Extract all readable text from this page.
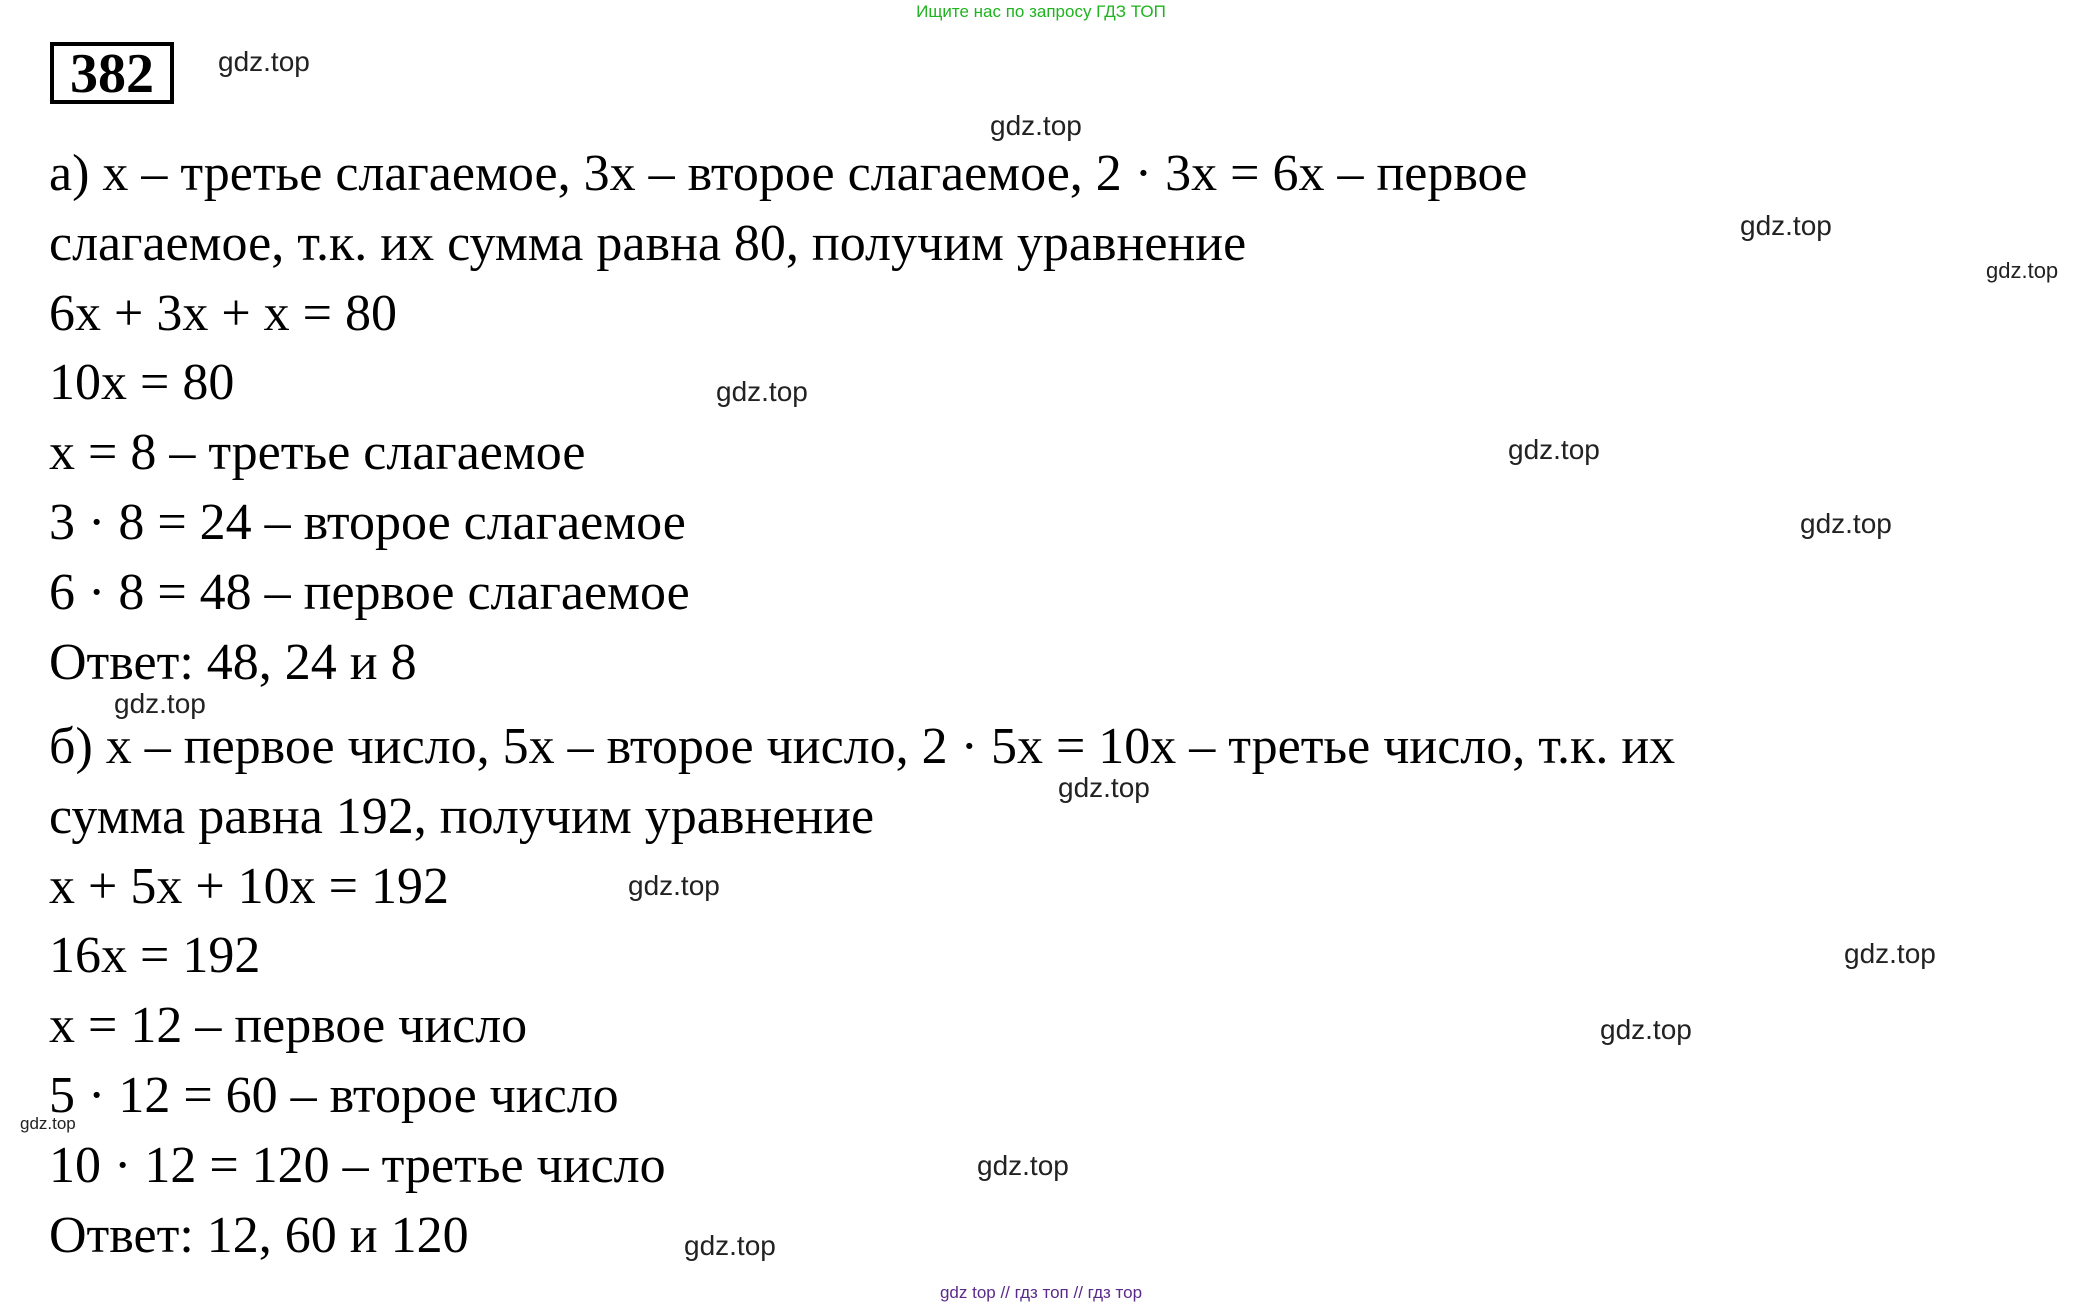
Ищите нас по запросу ГДЗ ТОП
382
а) х – третье слагаемое, 3х – второе слагаемое, 2 · 3х = 6х – первое
слагаемое, т.к. их сумма равна 80, получим уравнение
6х + 3х + х = 80
10х = 80
х = 8 – третье слагаемое
3 · 8 = 24 – второе слагаемое
6 · 8 = 48 – первое слагаемое
Ответ: 48, 24 и 8
б) х – первое число, 5х – второе число, 2 · 5х = 10х – третье число, т.к. их
сумма равна 192, получим уравнение
х + 5х + 10х = 192
16х = 192
х = 12 – первое число
5 · 12 = 60 – второе число
10 · 12 = 120 – третье число
Ответ: 12, 60 и 120
gdz.top
gdz.top
gdz.top
gdz.top
gdz.top
gdz.top
gdz.top
gdz.top
gdz.top
gdz.top
gdz.top
gdz.top
gdz.top
gdz.top
gdz.top
gdz top // гдз топ // гдз тор
